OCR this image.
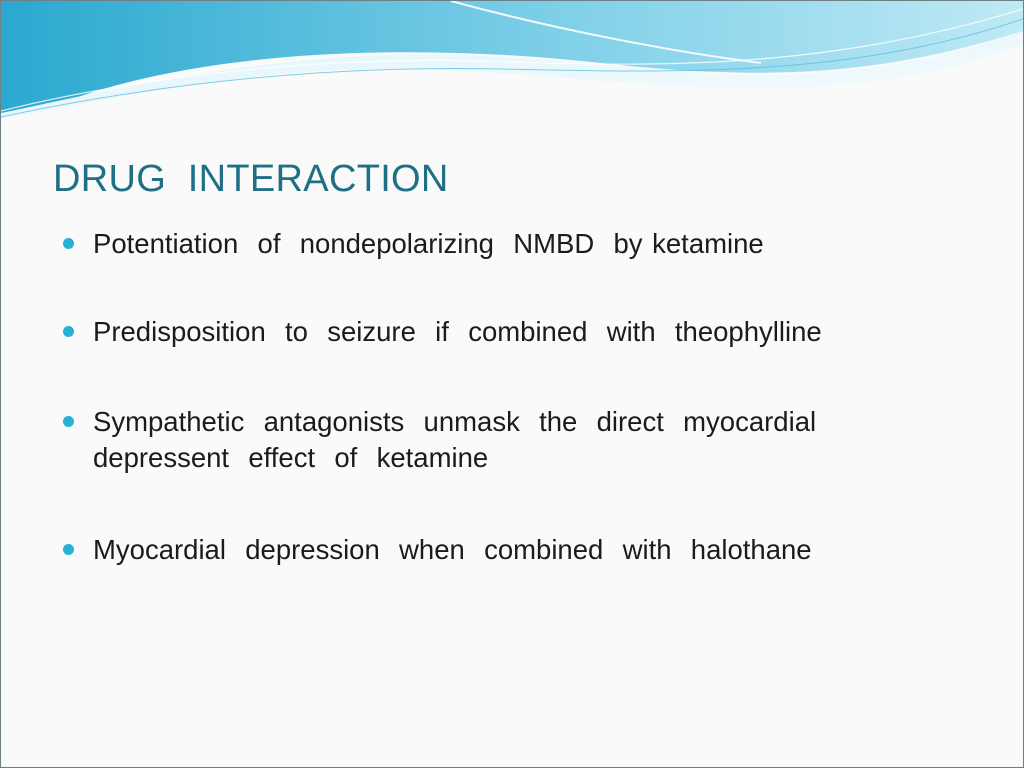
DRUG  INTERACTION
Potentiation  of  nondepolarizing  NMBD  by ketamine
Predisposition  to  seizure  if  combined  with  theophylline
Sympathetic  antagonists  unmask  the  direct  myocardial
depressent  effect  of  ketamine
Myocardial  depression  when  combined  with  halothane
